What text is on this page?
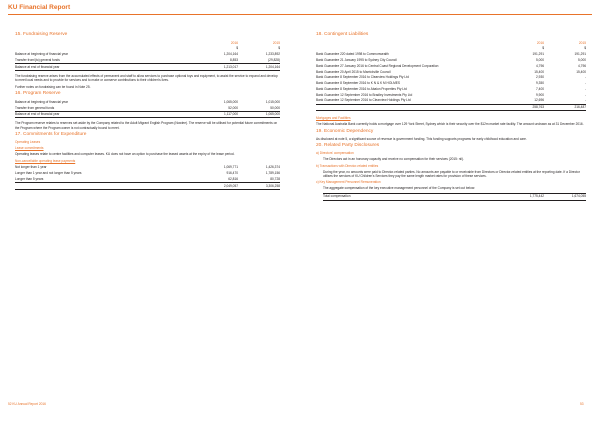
KU Financial Report
15. Fundraising Reserve
	2016	2015
	$	$
Balance at beginning of financial year	1,204,164	1,233,892
Transfer from/(to) general funds	8,853	(29,828)
Balance at end of financial year	1,213,017	1,204,164

The fundraising reserve arises from the accumulated effects of permanent and staff to allow services to purchase optional toys and equipment, to assist the service to expand and develop to meet local needs and to provide for services and to make or conserve contributions to their children's lives.

Further notes on fundraising can be found in Note 25.

16. Program Reserve
Balance at beginning of financial year	1,065,000	1,015,000
Transfer from general funds	52,000	50,000
Balance at end of financial year	1,117,000	1,065,000

The Program reserve relates to reserves set aside by the Company related to the Adult Migrant English Program (Nowlee). The reserve will be utilised for potential future commitments on the Program where the Program owner is not contractually bound to meet.

17. Commitments for Expenditure
Operating Leases
Lease commitments

Operating leases relate to centre facilities and computer leases. KU does not have an option to purchase the leased assets at the expiry of the lease period.

Non-cancellable operating lease payments
Not longer than 1 year	1,069,771	1,426,374
Longer than 1 year and not longer than 5 years	916,470	1,789,156
Longer than 5 years	62,816	80,728
	2,049,057	3,306,258
18. Contingent Liabilities
	2016	2015
	$	$
Bank Guarantee 220 dated 1998 to Commonwealth	191,291	191,291
Bank Guarantee 21 January 1995 to Sydney City Council	5,000	5,000
Bank Guarantee 27 January 2016 to Central Coast Regional Development Corporation	4,796	4,796
Bank Guarantee 20 April 2015 to Marrickville Council	15,400	15,400
Bank Guarantee 8 September 2016 to Clearview Holdings Pty Ltd	2,930	-
Bank Guarantee 8 September 2016 to K N & K M HOLMES	9,350	-
Bank Guarantee 8 September 2016 to Abalon Properties Pty Ltd	7,400	-
Bank Guarantee 12 September 2016 to Bradley Investments Pty Ltd	9,900	-
Bank Guarantee 12 September 2016 to Clearview Holdings Pty Ltd	12,696	-
	258,763	216,487
Mortgages and Facilities

The National Australia Bank currently holds a mortgage over 129 York Street, Sydney which is their security over the $12m market rate facility. The amount undrawn as at 31 December 2016.

19. Economic Dependency

As disclosed at note 5, a significant source of revenue is government funding. This funding supports programs for early childhood education and care.

20. Related Party Disclosures
a) Directors' compensation

The Directors act in an honorary capacity and receive no compensation for their services (2015: nil).

b) Transactions with Director-related entities

During the year, no amounts were paid to Director-related parties. No amounts are payable to or receivable from Directors or Director-related entities at the reporting date. If a Director utilises the services of KU Children's Services they pay the same length market rates for provision of these services.

c) Key Management Personnel Remuneration

The aggregate compensation of the key executive management personnel of the Company is set out below:

Total compensation	1,775,442	1,674,055
52 KU Annual Report 2016	53
